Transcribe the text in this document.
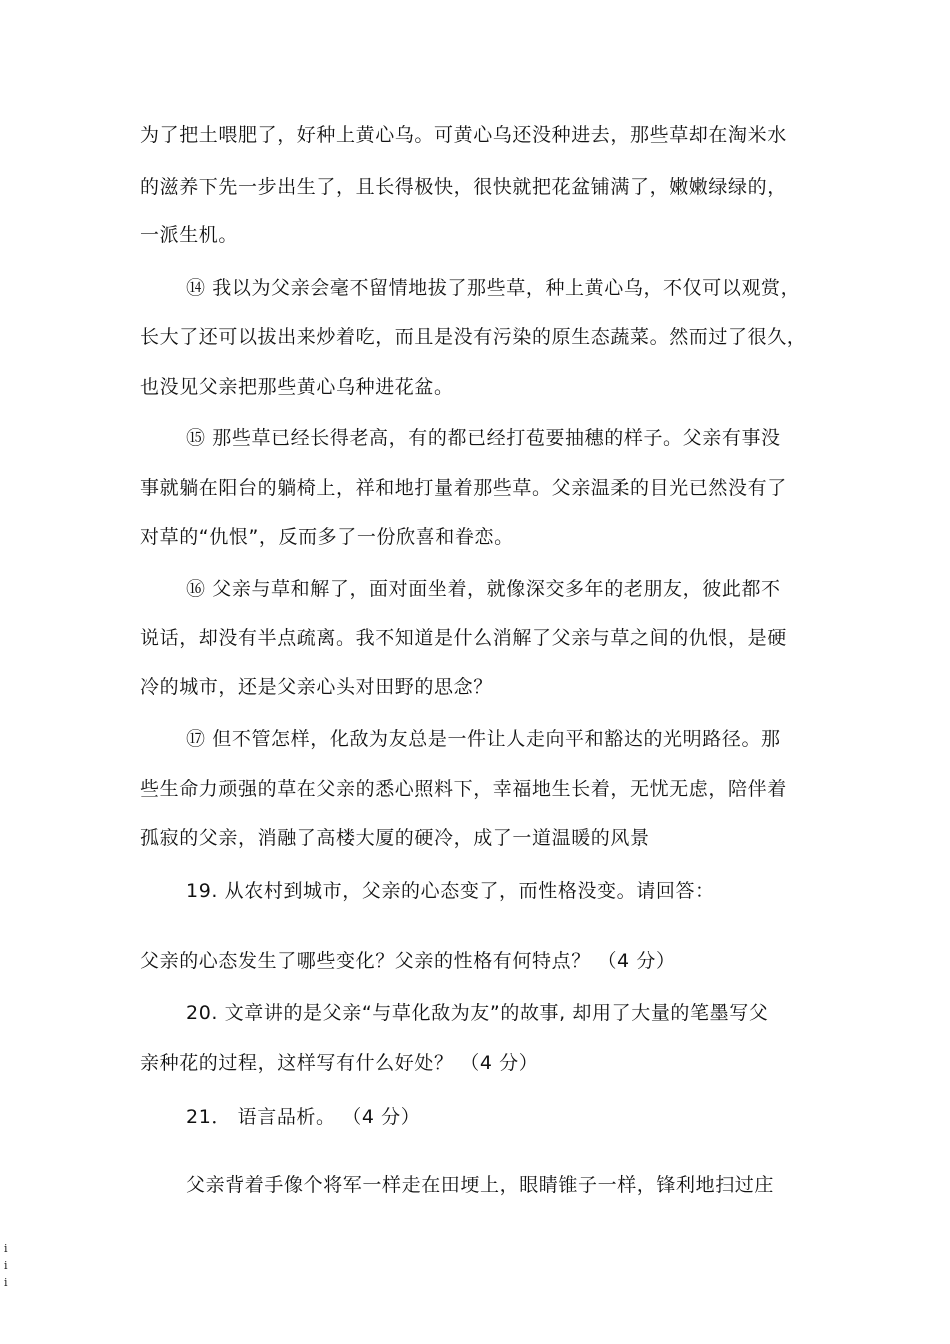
为了把土喂肥了，好种上黄心乌。可黄心乌还没种进去，那些草却在淘米水
的滋养下先一步出生了，且长得极快，很快就把花盆铺满了，嫩嫩绿绿的，
一派生机。
⑭ 我以为父亲会毫不留情地拔了那些草，种上黄心乌，不仅可以观赏，
长大了还可以拔出来炒着吃，而且是没有污染的原生态蔬菜。然而过了很久，
也没见父亲把那些黄心乌种进花盆。
⑮ 那些草已经长得老高，有的都已经打苞要抽穗的样子。父亲有事没
事就躺在阳台的躺椅上，祥和地打量着那些草。父亲温柔的目光已然没有了
对草的“仇恨”，反而多了一份欣喜和眷恋。
⑯ 父亲与草和解了，面对面坐着，就像深交多年的老朋友，彼此都不
说话，却没有半点疏离。我不知道是什么消解了父亲与草之间的仇恨，是硬
冷的城市，还是父亲心头对田野的思念？
⑰ 但不管怎样，化敌为友总是一件让人走向平和豁达的光明路径。那
些生命力顽强的草在父亲的悉心照料下，幸福地生长着，无忧无虑，陪伴着
孤寂的父亲，消融了高楼大厦的硬冷，成了一道温暖的风景
19. 从农村到城市，父亲的心态变了，而性格没变。请回答：
父亲的心态发生了哪些变化？父亲的性格有何特点？ （4 分）
20. 文章讲的是父亲“与草化敌为友”的故事, 却用了大量的笔墨写父
亲种花的过程，这样写有什么好处？ （4 分）
21． 语言品析。 （4 分）
父亲背着手像个将军一样走在田埂上，眼睛锥子一样，锋利地扫过庄
i
i
i
